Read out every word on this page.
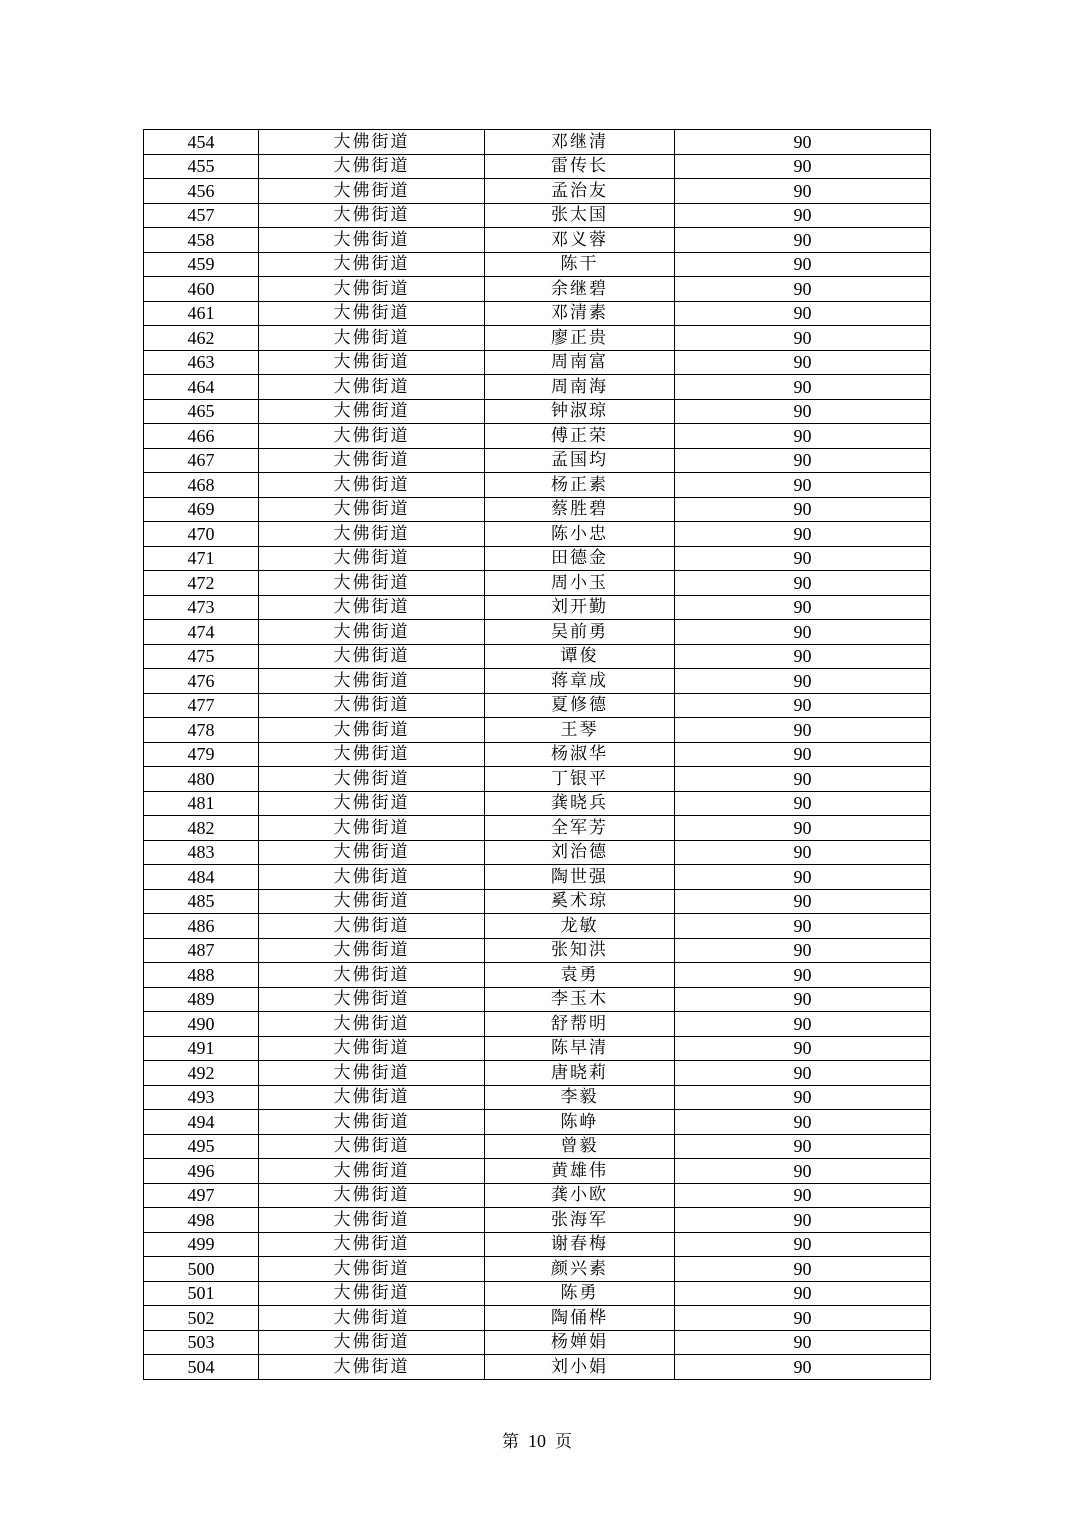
454	大佛街道	邓继清	90
455	大佛街道	雷传长	90
456	大佛街道	孟治友	90
457	大佛街道	张太国	90
458	大佛街道	邓义蓉	90
459	大佛街道	陈干	90
460	大佛街道	余继碧	90
461	大佛街道	邓清素	90
462	大佛街道	廖正贵	90
463	大佛街道	周南富	90
464	大佛街道	周南海	90
465	大佛街道	钟淑琼	90
466	大佛街道	傅正荣	90
467	大佛街道	孟国均	90
468	大佛街道	杨正素	90
469	大佛街道	蔡胜碧	90
470	大佛街道	陈小忠	90
471	大佛街道	田德金	90
472	大佛街道	周小玉	90
473	大佛街道	刘开勤	90
474	大佛街道	吴前勇	90
475	大佛街道	谭俊	90
476	大佛街道	蒋章成	90
477	大佛街道	夏修德	90
478	大佛街道	王琴	90
479	大佛街道	杨淑华	90
480	大佛街道	丁银平	90
481	大佛街道	龚晓兵	90
482	大佛街道	全军芳	90
483	大佛街道	刘治德	90
484	大佛街道	陶世强	90
485	大佛街道	奚术琼	90
486	大佛街道	龙敏	90
487	大佛街道	张知洪	90
488	大佛街道	袁勇	90
489	大佛街道	李玉木	90
490	大佛街道	舒帮明	90
491	大佛街道	陈早清	90
492	大佛街道	唐晓莉	90
493	大佛街道	李毅	90
494	大佛街道	陈峥	90
495	大佛街道	曾毅	90
496	大佛街道	黄雄伟	90
497	大佛街道	龚小欧	90
498	大佛街道	张海军	90
499	大佛街道	谢春梅	90
500	大佛街道	颜兴素	90
501	大佛街道	陈勇	90
502	大佛街道	陶俑桦	90
503	大佛街道	杨婵娟	90
504	大佛街道	刘小娟	90
第 10 页
